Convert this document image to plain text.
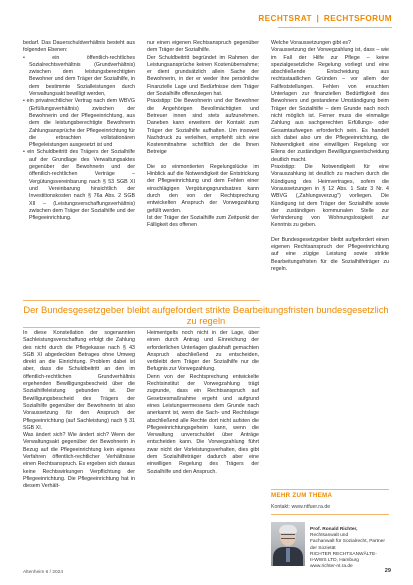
RECHTSRAT | RECHTSFORUM

bedarf. Das Dauerschuldverhältnis besteht aus folgenden Ebenen:

• ein öffentlich-rechtliches Sozialrechtsverhältnis (Grundverhältnis) zwischen dem leistungsberechtigten Bewohner und dem Träger der Sozialhilfe, in dem bestimmte Sozialleistungen durch Verwaltungsakt bewilligt werden,

• ein privatrechtlicher Vertrag nach dem WBVG (Erfüllungsverhältnis) zwischen der Bewohnerin und der Pflegeeinrichtung, aus dem die leistungsberechtigte Bewohnerin Zahlungsansprüche der Pflegeeinrichtung für die erbrachten vollstationären Pflegeleistungen ausgesetzt ist und

• ein Schuldbeitritt des Trägers der Sozialhilfe auf der Grundlage des Verwaltungsaktes gegenüber der Bewohnerin und der öffentlich-rechtlichen Verträge – Vergütungsvereinbarung nach § 53 SGB XI und Vereinbarung hinsichtlich der Investitionskosten nach § 76a Abs. 2 SGB XII – (Leistungsverschaffungsverhältnis) zwischen dem Träger der Sozialhilfe und der Pflegeeinrichtung.

nur einen eigenen Rechtsanspruch gegenüber dem Träger der Sozialhilfe.

Der Schuldbeitritt begründet im Rahmen der Leistungsansprüche keinen Kostenübernahme; er dient grundsätzlich allein Sache der Bewohnerin, in der er weder ihre persönliche Finanzielle Lage und Bedürfnisse dem Träger der Sozialhilfe offenzulegen hat.

Praxistipp: Die Bewohnerin und der Bewohner die Angehörigen Bevollmächtigten und Betreuer innen sind stets aufzunehmen. Daneben kann erweitern der Kontakt zum Träger der Sozialhilfe aufhalten. Um insoweit Nachdruck zu verleihen, empfiehlt sich eine Kostenmitnahme schriftlich der die Ihnen Betreige

Die so einmontierten Regelungslücke im Hinblick auf die Notwendigkeit der Entstrickung der Pflegeeinrichtung und dem Fehlen einer einschlägigen Vergütungsgrundsatzes kann durch den von der Rechtsprechung entwickelten Anspruch der Vorwegzahlung gefüllt werden.

Ist der Träger der Sozialhilfe zum Zeitpunkt der Fälligkeit des offenen

Welche Voraussetzungen gibt es?

Voraussetzung der Vorwegzahlung ist, dass – wie im Fall der Hilfe zur Pflege – keine spezialgesetzliche Regelung vorliegt und eine abschließende Entscheidung aus rechtsstaatlichen Gründen – vor allem der Fallfeststellungen. Fehlen von ersuchten Unterlagen zur finanziellen Bedürftigkeit des Bewohners und gestandene Umständigung beim Träger der Sozialhilfe – dem Grunde nach noch nicht möglich ist. Ferner muss die einmalige Zahlung aus sachgerechten Erfüllungs- oder Gesamtaufwegen erforderlich sein. Es handelt sich dabei also um die Pflegeeinrichtung, die Notwendigkeit eine einwilligen Regelung vor Eilens der zuständigen Bewilligungsentscheidung deutlich macht.

Praxistipp: Die Notwendigkeit für eine Vorauszahlung ist deutlich zu machen durch die Kündigung des Heimvertrages, sofern die Voraussetzungen in § 12 Abs. 1 Satz 3 Nr. 4 WBVG („Zahlungsverzug") vorliegen. Die Kündigung ist dem Träger der Sozialhilfe sowie der zuständigen kommunalen Stelle zur Verhinderung von Wohnungslosigkeit zur Kenntnis zu geben.

Der Bundesgesetzgeber bleibt aufgefordert einen eigenen Rechtsanspruch der Pflegeeinrichtung auf eine zügige Leistung sowie strikte Bearbeitungsfristen für die Sozialhilfeträger zu regeln.

Der Bundesgesetzgeber bleibt aufgefordert strikte Bearbeitungsfristen bundesgesetzlich zu regeln

In diese Konstellation der sogenannten Sachleistungsverschaffung erfolgt die Zahlung des nicht durch die Pflegekasse nach § 43 SGB XI abgedeckten Betrages ohne Umweg direkt an die Einrichtung. Problem dabei ist aber, dass die Schuldbeitritt an den im öffentlich-rechtlichen Grundverhältnis ergehenden Bewilligungsbescheid über die Sozialhilfeleistung gebunden ist. Der Bewilligungsbescheid des Trägers der Sozialhilfe gegenüber der Bewohnerin ist also Voraussetzung für den Anspruch der Pflegeeinrichtung (auf Sachleistung) nach § 31 SGB XI.

Was ändert sich? Wie ändert sich? Wenn der Verwaltungsakt gegenüber der Bewohnerin in Bezug auf die Pflegeeinrichtung kein eigenes Verfahren öffentlich-rechtlicher Verhältnisse einen Rechtsanspruch. Es ergeben sich daraus keine Rechtswirkungen Verpflichtung der Pflegeeinrichtung. Die Pflegeeinrichtung hat in diesem Verhält-

Heimentgelts noch nicht in der Lage, über einen durch Antrag und Einreichung der erforderlichen Unterlagen glaubhaft gemachten Anspruch abschließend zu entscheiden, verbleibt dem Träger der Sozialhilfe nur die Befugnis zur Vorwegzahlung.

Denn von der Rechtsprechung entwickelte Rechtsinstitut der Vorwegzahlung trägt zugrunde, dass ein Rechtsanspruch auf Gesetzesmaßnahme ergeht und aufgrund eines Leistungsermessens dem Grunde nach anerkannt ist, wenn die Sach- und Rechtslage abschließend alle Rechte dort nicht aufsten die Pflegeeinrichtungsgeheim kann, wenn die Verwaltung unverschuldet über Anträge entscheiden kann. Die Vorwegzahlung führt zwar nicht der Vorleistungsverhalten, dies gibt dem Sozialhilfeträger dadurch aber eine einwilligen Regelung des Trägers der Sozialhilfe und den Anspruch.

MEHR ZUM THEMA
Kontakt: www.ntfuer.ra.de
Prof. Ronald Richter,
Rechtsanwalt und
Fachanwalt für Sozialrecht, Partner der Sozietät
RICHTER RECHTSANWÄLTE-
II-WWS LTD, Hamburg
www.richter-nt.ra.de
Altenheim 6 / 2024	29
